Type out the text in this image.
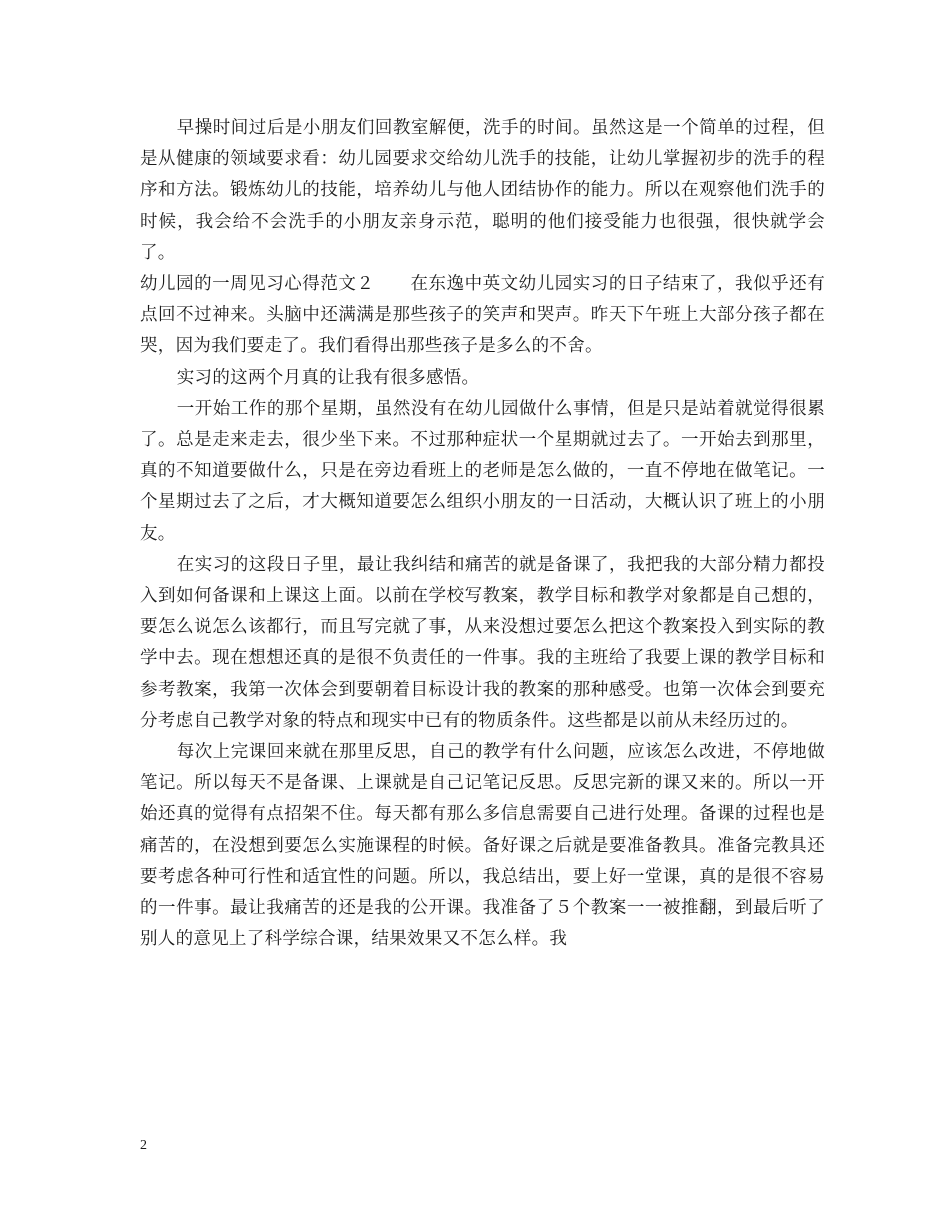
早操时间过后是小朋友们回教室解便，洗手的时间。虽然这是一个简单的过程，但是从健康的领域要求看：幼儿园要求交给幼儿洗手的技能，让幼儿掌握初步的洗手的程序和方法。锻炼幼儿的技能，培养幼儿与他人团结协作的能力。所以在观察他们洗手的时候，我会给不会洗手的小朋友亲身示范，聪明的他们接受能力也很强，很快就学会了。

幼儿园的一周见习心得范文２　　在东逸中英文幼儿园实习的日子结束了，我似乎还有点回不过神来。头脑中还满满是那些孩子的笑声和哭声。昨天下午班上大部分孩子都在哭，因为我们要走了。我们看得出那些孩子是多么的不舍。

实习的这两个月真的让我有很多感悟。

一开始工作的那个星期，虽然没有在幼儿园做什么事情，但是只是站着就觉得很累了。总是走来走去，很少坐下来。不过那种症状一个星期就过去了。一开始去到那里，真的不知道要做什么，只是在旁边看班上的老师是怎么做的，一直不停地在做笔记。一个星期过去了之后，才大概知道要怎么组织小朋友的一日活动，大概认识了班上的小朋友。

在实习的这段日子里，最让我纠结和痛苦的就是备课了，我把我的大部分精力都投入到如何备课和上课这上面。以前在学校写教案，教学目标和教学对象都是自己想的，要怎么说怎么该都行，而且写完就了事，从来没想过要怎么把这个教案投入到实际的教学中去。现在想想还真的是很不负责任的一件事。我的主班给了我要上课的教学目标和参考教案，我第一次体会到要朝着目标设计我的教案的那种感受。也第一次体会到要充分考虑自己教学对象的特点和现实中已有的物质条件。这些都是以前从未经历过的。

每次上完课回来就在那里反思，自己的教学有什么问题，应该怎么改进，不停地做笔记。所以每天不是备课、上课就是自己记笔记反思。反思完新的课又来的。所以一开始还真的觉得有点招架不住。每天都有那么多信息需要自己进行处理。备课的过程也是痛苦的，在没想到要怎么实施课程的时候。备好课之后就是要准备教具。准备完教具还要考虑各种可行性和适宜性的问题。所以，我总结出，要上好一堂课，真的是很不容易的一件事。最让我痛苦的还是我的公开课。我准备了５个教案一一被推翻，到最后听了别人的意见上了科学综合课，结果效果又不怎么样。我

2
